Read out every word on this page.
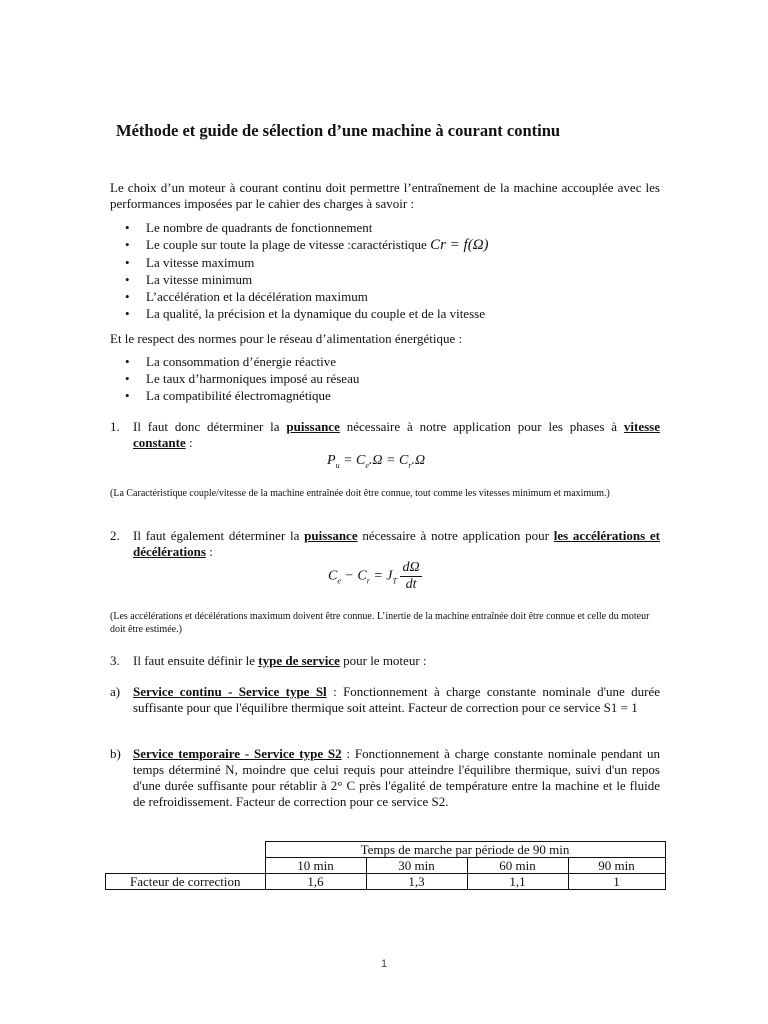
Méthode et guide de sélection d’une machine à courant continu
Le choix d’un moteur à courant continu doit permettre l’entraînement de la machine accouplée avec les performances imposées par le cahier des charges à savoir :
• Le nombre de quadrants de fonctionnement
• Le couple sur toute la plage de vitesse :caractéristique Cr = f(Ω)
• La vitesse maximum
• La vitesse minimum
• L’accélération et la décélération maximum
• La qualité, la précision et la dynamique du couple et de la vitesse
Et le respect des normes pour le réseau d’alimentation énergétique :
• La consommation d’énergie réactive
• Le taux d’harmoniques imposé au réseau
• La compatibilité électromagnétique
1. Il faut donc déterminer la puissance nécessaire à notre application pour les phases à vitesse constante :
$P_u = C_e.\Omega = C_r.\Omega$
(La Caractéristique couple/vitesse de la machine entraînée doit être connue, tout comme les vitesses minimum et maximum.)
2. Il faut également déterminer la puissance nécessaire à notre application pour les accélérations et décélérations :
$C_e - C_r = J_T \frac{d\Omega}{dt}$
(Les accélérations et décélérations maximum doivent être connue. L’inertie de la machine entraînée doit être connue et celle du moteur doit être estimée.)
3. Il faut ensuite définir le type de service pour le moteur :
a) Service continu - Service type Sl : Fonctionnement à charge constante nominale d'une durée suffisante pour que l'équilibre thermique soit atteint. Facteur de correction pour ce service S1 = 1
b) Service temporaire - Service type S2 : Fonctionnement à charge constante nominale pendant un temps déterminé N, moindre que celui requis pour atteindre l'équilibre thermique, suivi d'un repos d'une durée suffisante pour rétablir à 2° C près l'égalité de température entre la machine et le fluide de refroidissement. Facteur de correction pour ce service S2.
	Temps de marche par période de 90 min			
	10 min	30 min	60 min	90 min
Facteur de correction	1,6	1,3	1,1	1
1
